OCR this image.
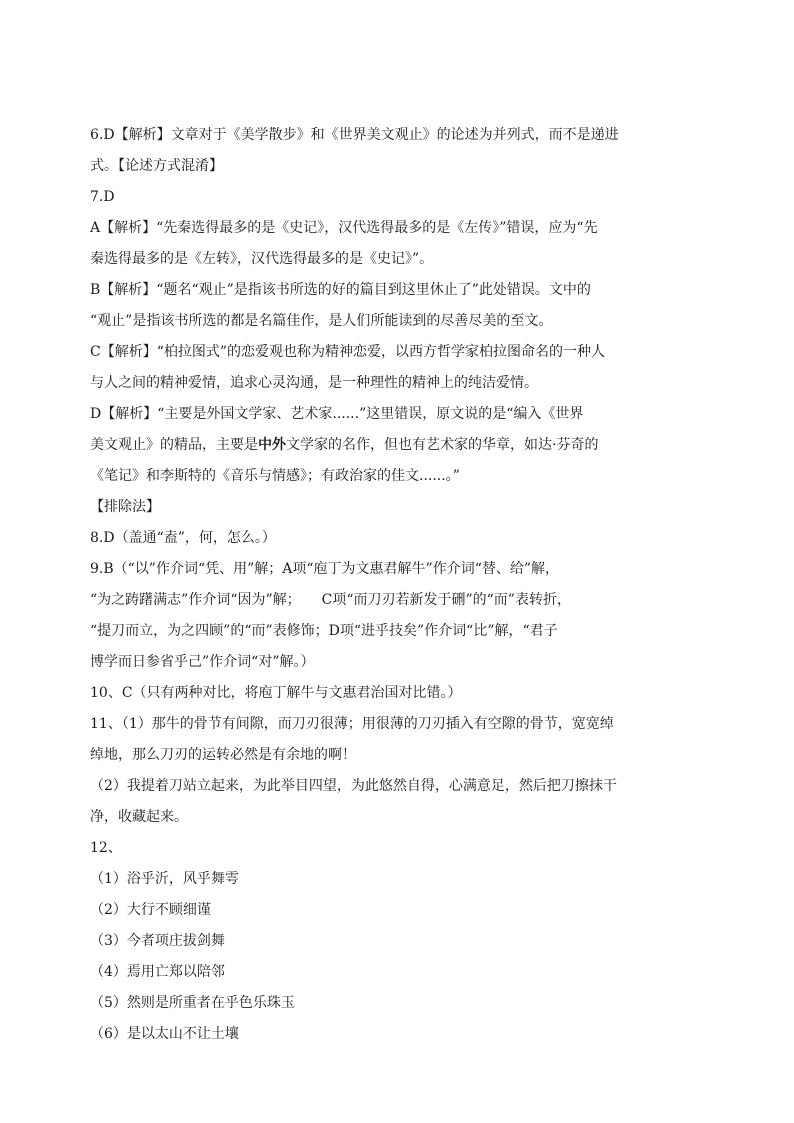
6.D【解析】文章对于《美学散步》和《世界美文观止》的论述为并列式，而不是递进
式。【论述方式混淆】
7.D
A【解析】“先秦选得最多的是《史记》，汉代选得最多的是《左传》”错误，应为“先
秦选得最多的是《左转》，汉代选得最多的是《史记》”。
B【解析】“题名“观止”是指该书所选的好的篇目到这里休止了”此处错误。文中的
“观止”是指该书所选的都是名篇佳作，是人们所能读到的尽善尽美的至文。
C【解析】“柏拉图式”的恋爱观也称为精神恋爱，以西方哲学家柏拉图命名的一种人
与人之间的精神爱情，追求心灵沟通，是一种理性的精神上的纯洁爱情。
D【解析】“主要是外国文学家、艺术家......”这里错误，原文说的是“编入《世界
美文观止》的精品，主要是中外文学家的名作，但也有艺术家的华章，如达·芬奇的
《笔记》和李斯特的《音乐与情感》；有政治家的佳文......。”
【排除法】
8.D（盖通“盍”，何，怎么。）
9.B（“以”作介词“凭、用”解；A项“庖丁为文惠君解牛”作介词“替、给”解，
“为之踌躇满志”作介词“因为”解；　　C项“而刀刃若新发于硎”的“而”表转折，
“提刀而立，为之四顾”的“而”表修饰；D项“进乎技矣”作介词“比”解，“君子
博学而日参省乎己”作介词“对”解。）
10、C（只有两种对比，将庖丁解牛与文惠君治国对比错。）
11、（1）那牛的骨节有间隙，而刀刃很薄；用很薄的刀刃插入有空隙的骨节，宽宽绰
绰地，那么刀刃的运转必然是有余地的啊！
（2）我提着刀站立起来，为此举目四望，为此悠然自得，心满意足，然后把刀擦抹干
净，收藏起来。
12、
（1）浴乎沂，风乎舞雩
（2）大行不顾细谨
（3）今者项庄拔剑舞
（4）焉用亡郑以陪邻
（5）然则是所重者在乎色乐珠玉
（6）是以太山不让土壤
